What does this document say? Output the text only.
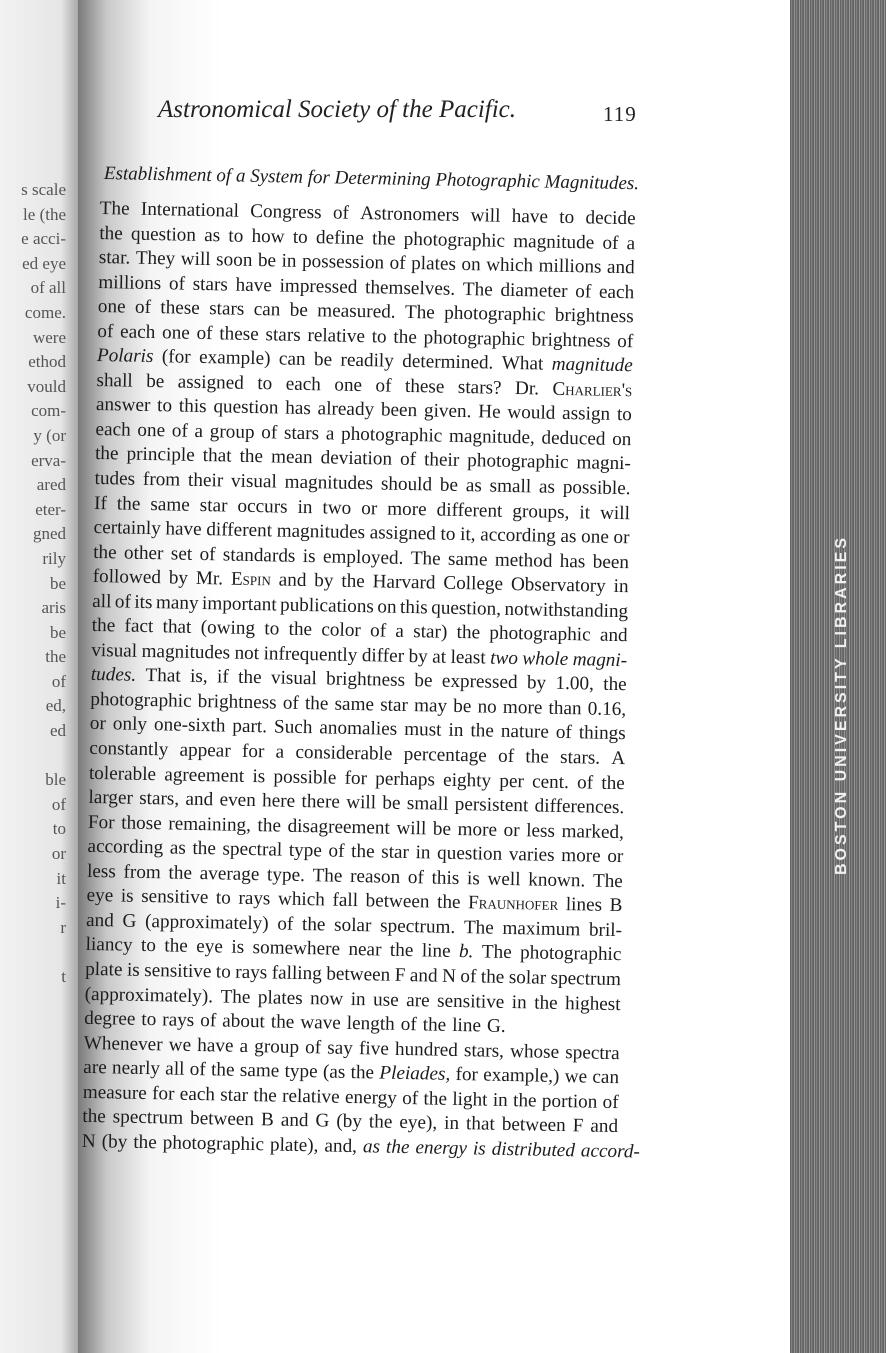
s scale
le (the
e acci-
ed eye
of all
come.
were
ethod
vould
com-
y (or
erva-
ared
eter-
gned
rily
be
aris
be
the
of
ed,
ed
ble
of
to
or
it
i-
r
t
BOSTON UNIVERSITY LIBRARIES
Astronomical Society of the Pacific.	119
Establishment of a System for Determining Photographic Magnitudes.
The International Congress of Astronomers will have to decide
the question as to how to define the photographic magnitude of a
star. They will soon be in possession of plates on which millions and
millions of stars have impressed themselves. The diameter of each
one of these stars can be measured. The photographic brightness
of each one of these stars relative to the photographic brightness of
Polaris (for example) can be readily determined. What magnitude
shall be assigned to each one of these stars? Dr. Charlier's
answer to this question has already been given. He would assign to
each one of a group of stars a photographic magnitude, deduced on
the principle that the mean deviation of their photographic magni-
tudes from their visual magnitudes should be as small as possible.
If the same star occurs in two or more different groups, it will
certainly have different magnitudes assigned to it, according as one or
the other set of standards is employed. The same method has been
followed by Mr. Espin and by the Harvard College Observatory in
all of its many important publications on this question, notwithstanding
the fact that (owing to the color of a star) the photographic and
visual magnitudes not infrequently differ by at least two whole magni-
tudes. That is, if the visual brightness be expressed by 1.00, the
photographic brightness of the same star may be no more than 0.16,
or only one-sixth part. Such anomalies must in the nature of things
constantly appear for a considerable percentage of the stars. A
tolerable agreement is possible for perhaps eighty per cent. of the
larger stars, and even here there will be small persistent differences.
For those remaining, the disagreement will be more or less marked,
according as the spectral type of the star in question varies more or
less from the average type. The reason of this is well known. The
eye is sensitive to rays which fall between the Fraunhofer lines B
and G (approximately) of the solar spectrum. The maximum bril-
liancy to the eye is somewhere near the line b. The photographic
plate is sensitive to rays falling between F and N of the solar spectrum
(approximately). The plates now in use are sensitive in the highest
degree to rays of about the wave length of the line G.
Whenever we have a group of say five hundred stars, whose spectra
are nearly all of the same type (as the Pleiades, for example,) we can
measure for each star the relative energy of the light in the portion of
the spectrum between B and G (by the eye), in that between F and
N (by the photographic plate), and, as the energy is distributed accord-
